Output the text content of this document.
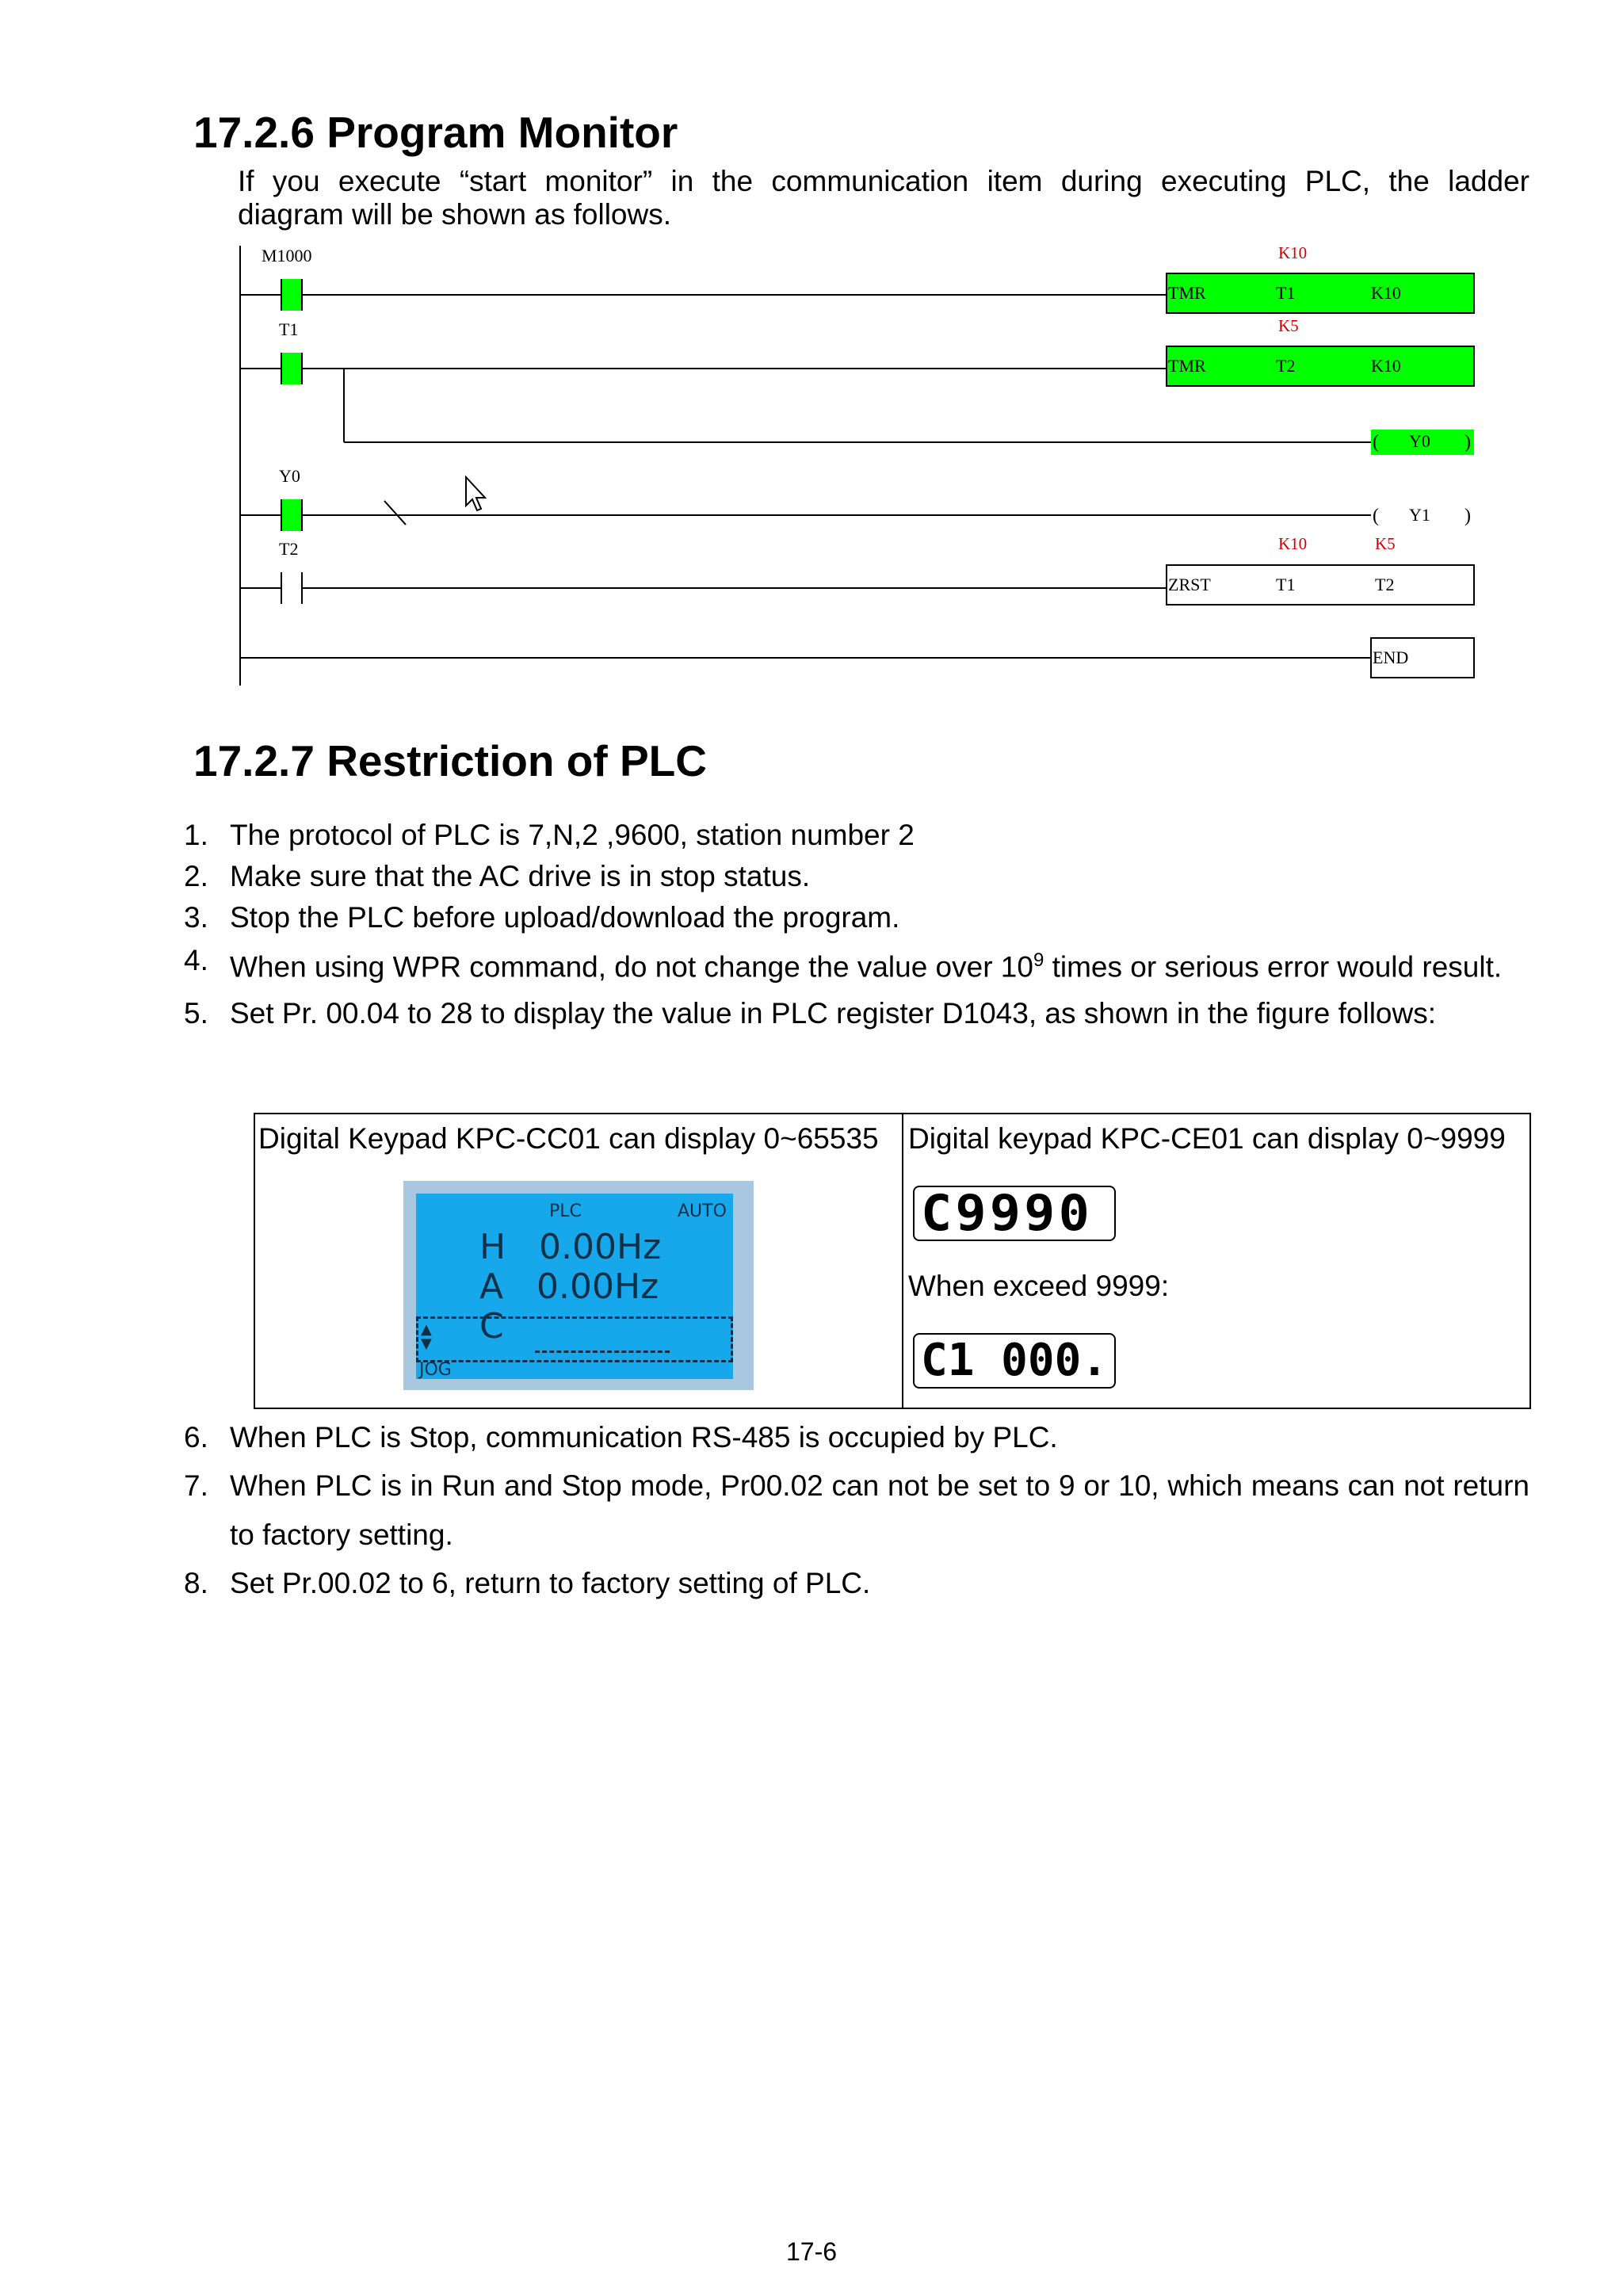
17.2.6 Program Monitor
If you execute “start monitor” in the communication item during executing PLC, the ladder
diagram will be shown as follows.
M1000	K10
TMR	T1	K10
T1	K5
TMR	T2	K10
( Y0 )
Y0
( Y1 )
T2	K10	K5
ZRST	T1	T2
END
17.2.7 Restriction of PLC
1. The protocol of PLC is 7,N,2 ,9600, station number 2
2. Make sure that the AC drive is in stop status.
3. Stop the PLC before upload/download the program.
4. When using WPR command, do not change the value over $10^9$ times or serious error would result.
5. Set Pr. 00.04 to 28 to display the value in PLC register D1043, as shown in the figure follows:
Digital Keypad KPC-CC01 can display 0~65535
PLC	AUTO
H   0.00Hz
A   0.00Hz
▲
▼ C
JOG
Digital keypad KPC-CE01 can display 0~9999
C9990
When exceed 9999:
C1 000.
6. When PLC is Stop, communication RS-485 is occupied by PLC.
7. When PLC is in Run and Stop mode, Pr00.02 can not be set to 9 or 10, which means can not return to factory setting.
8. Set Pr.00.02 to 6, return to factory setting of PLC.
17-6
